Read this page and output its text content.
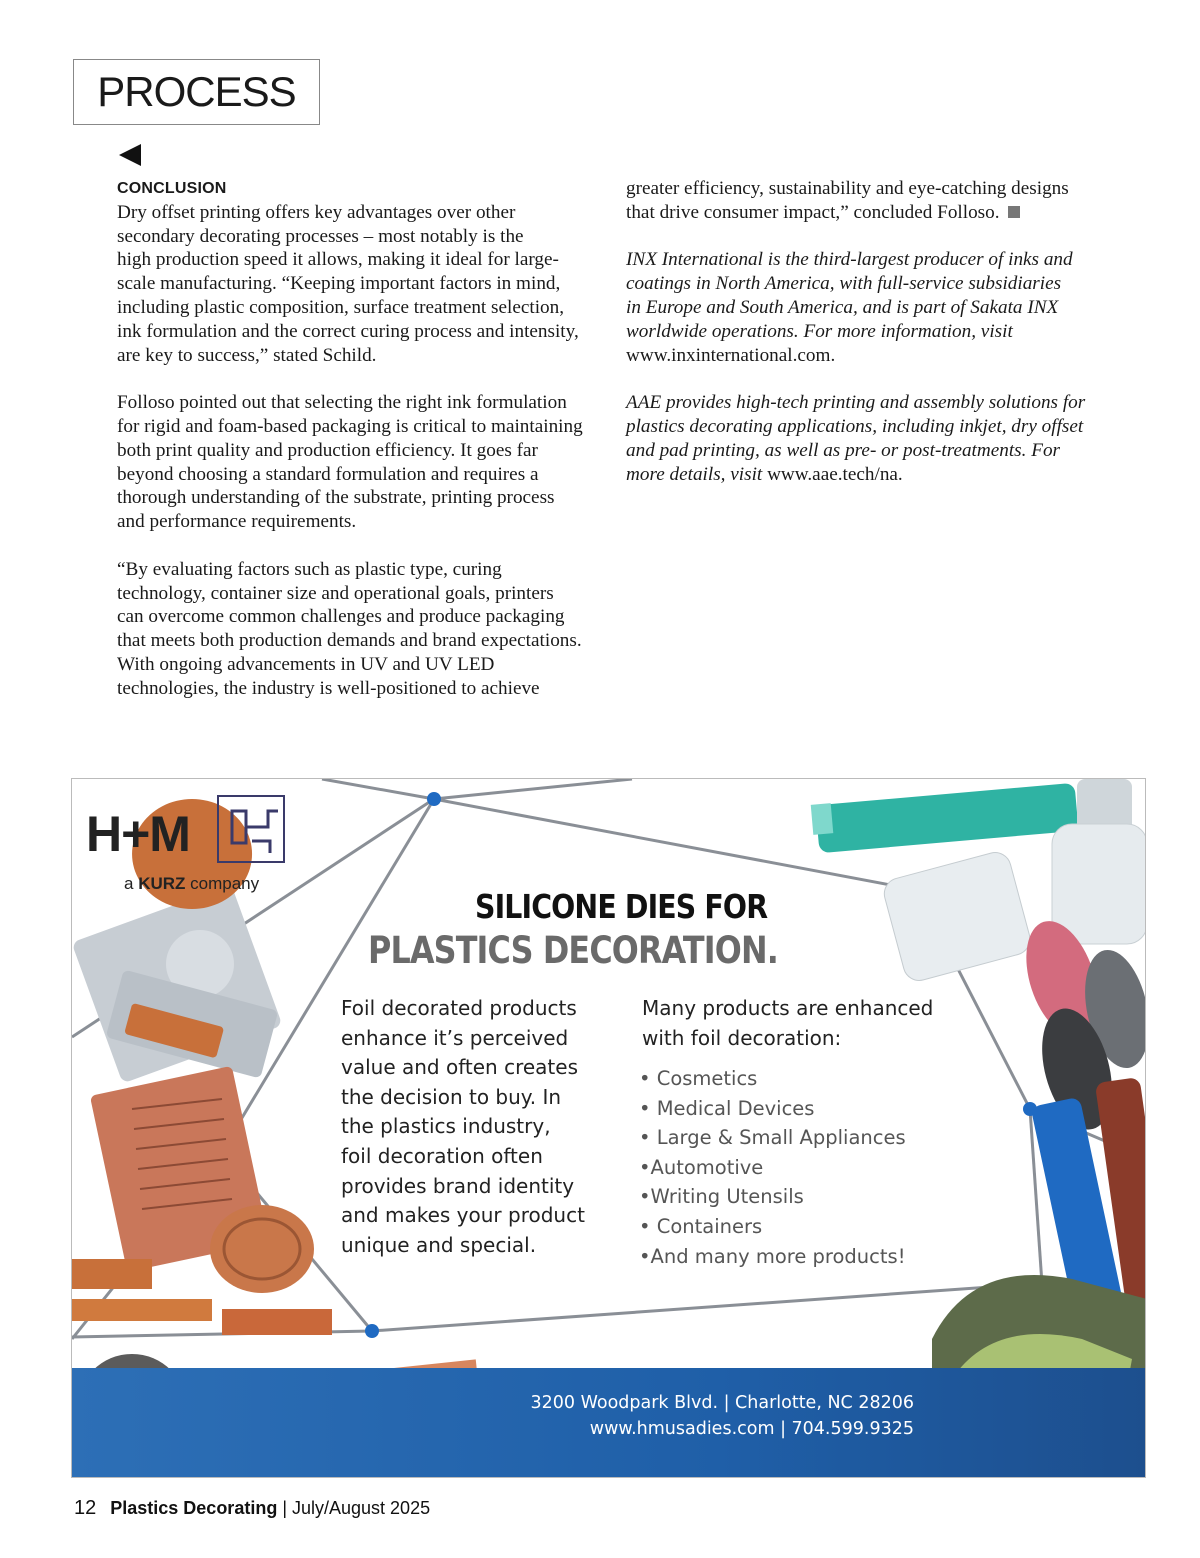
PROCESS
CONCLUSION

Dry offset printing offers key advantages over other
secondary decorating processes – most notably is the
high production speed it allows, making it ideal for large-
scale manufacturing. “Keeping important factors in mind,
including plastic composition, surface treatment selection,
ink formulation and the correct curing process and intensity,
are key to success,” stated Schild.

Folloso pointed out that selecting the right ink formulation
for rigid and foam-based packaging is critical to maintaining
both print quality and production efficiency. It goes far
beyond choosing a standard formulation and requires a
thorough understanding of the substrate, printing process
and performance requirements.

“By evaluating factors such as plastic type, curing
technology, container size and operational goals, printers
can overcome common challenges and produce packaging
that meets both production demands and brand expectations.
With ongoing advancements in UV and UV LED
technologies, the industry is well-positioned to achieve

greater efficiency, sustainability and eye-catching designs
that drive consumer impact,” concluded Folloso.

INX International is the third-largest producer of inks and
coatings in North America, with full-service subsidiaries
in Europe and South America, and is part of Sakata INX
worldwide operations. For more information, visit
www.inxinternational.com.

AAE provides high-tech printing and assembly solutions for
plastics decorating applications, including inkjet, dry offset
and pad printing, as well as pre- or post-treatments. For
more details, visit www.aae.tech/na.

H+M
a KURZ company
SILICONE DIES FOR
PLASTICS DECORATION.
Foil decorated products
enhance it’s perceived
value and often creates
the decision to buy. In
the plastics industry,
foil decoration often
provides brand identity
and makes your product
unique and special.
Many products are enhanced
with foil decoration:
• Cosmetics
• Medical Devices
• Large & Small Appliances
•Automotive
•Writing Utensils
• Containers
•And many more products!
3200 Woodpark Blvd. | Charlotte, NC 28206
www.hmusadies.com | 704.599.9325
12 Plastics Decorating | July/August 2025
